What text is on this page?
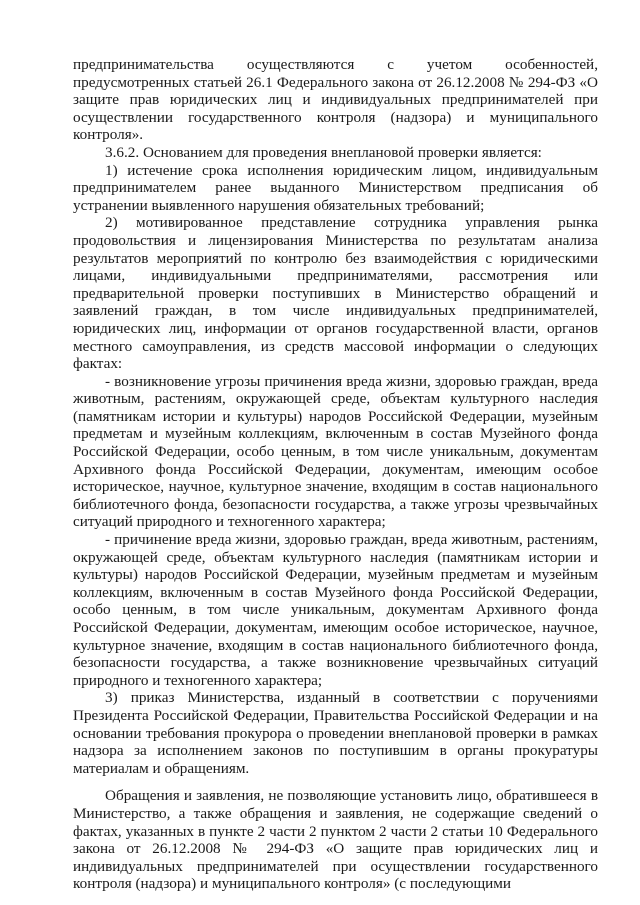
предпринимательства осуществляются с учетом особенностей, предусмотренных статьей 26.1 Федерального закона от 26.12.2008 № 294-ФЗ «О защите прав юридических лиц и индивидуальных предпринимателей при осуществлении государственного контроля (надзора) и муниципального контроля».

3.6.2. Основанием для проведения внеплановой проверки является:

1) истечение срока исполнения юридическим лицом, индивидуальным предпринимателем ранее выданного Министерством предписания об устранении выявленного нарушения обязательных требований;

2) мотивированное представление сотрудника управления рынка продовольствия и лицензирования Министерства по результатам анализа результатов мероприятий по контролю без взаимодействия с юридическими лицами, индивидуальными предпринимателями, рассмотрения или предварительной проверки поступивших в Министерство обращений и заявлений граждан, в том числе индивидуальных предпринимателей, юридических лиц, информации от органов государственной власти, органов местного самоуправления, из средств массовой информации о следующих фактах:

- возникновение угрозы причинения вреда жизни, здоровью граждан, вреда животным, растениям, окружающей среде, объектам культурного наследия (памятникам истории и культуры) народов Российской Федерации, музейным предметам и музейным коллекциям, включенным в состав Музейного фонда Российской Федерации, особо ценным, в том числе уникальным, документам Архивного фонда Российской Федерации, документам, имеющим особое историческое, научное, культурное значение, входящим в состав национального библиотечного фонда, безопасности государства, а также угрозы чрезвычайных ситуаций природного и техногенного характера;

- причинение вреда жизни, здоровью граждан, вреда животным, растениям, окружающей среде, объектам культурного наследия (памятникам истории и культуры) народов Российской Федерации, музейным предметам и музейным коллекциям, включенным в состав Музейного фонда Российской Федерации, особо ценным, в том числе уникальным, документам Архивного фонда Российской Федерации, документам, имеющим особое историческое, научное, культурное значение, входящим в состав национального библиотечного фонда, безопасности государства, а также возникновение чрезвычайных ситуаций природного и техногенного характера;

3) приказ Министерства, изданный в соответствии с поручениями Президента Российской Федерации, Правительства Российской Федерации и на основании требования прокурора о проведении внеплановой проверки в рамках надзора за исполнением законов по поступившим в органы прокуратуры материалам и обращениям.

Обращения и заявления, не позволяющие установить лицо, обратившееся в Министерство, а также обращения и заявления, не содержащие сведений о фактах, указанных в пункте 2 части 2 пунктом 2 части 2 статьи 10 Федерального закона от 26.12.2008 № 294-ФЗ «О защите прав юридических лиц и индивидуальных предпринимателей при осуществлении государственного контроля (надзора) и муниципального контроля» (с последующими
